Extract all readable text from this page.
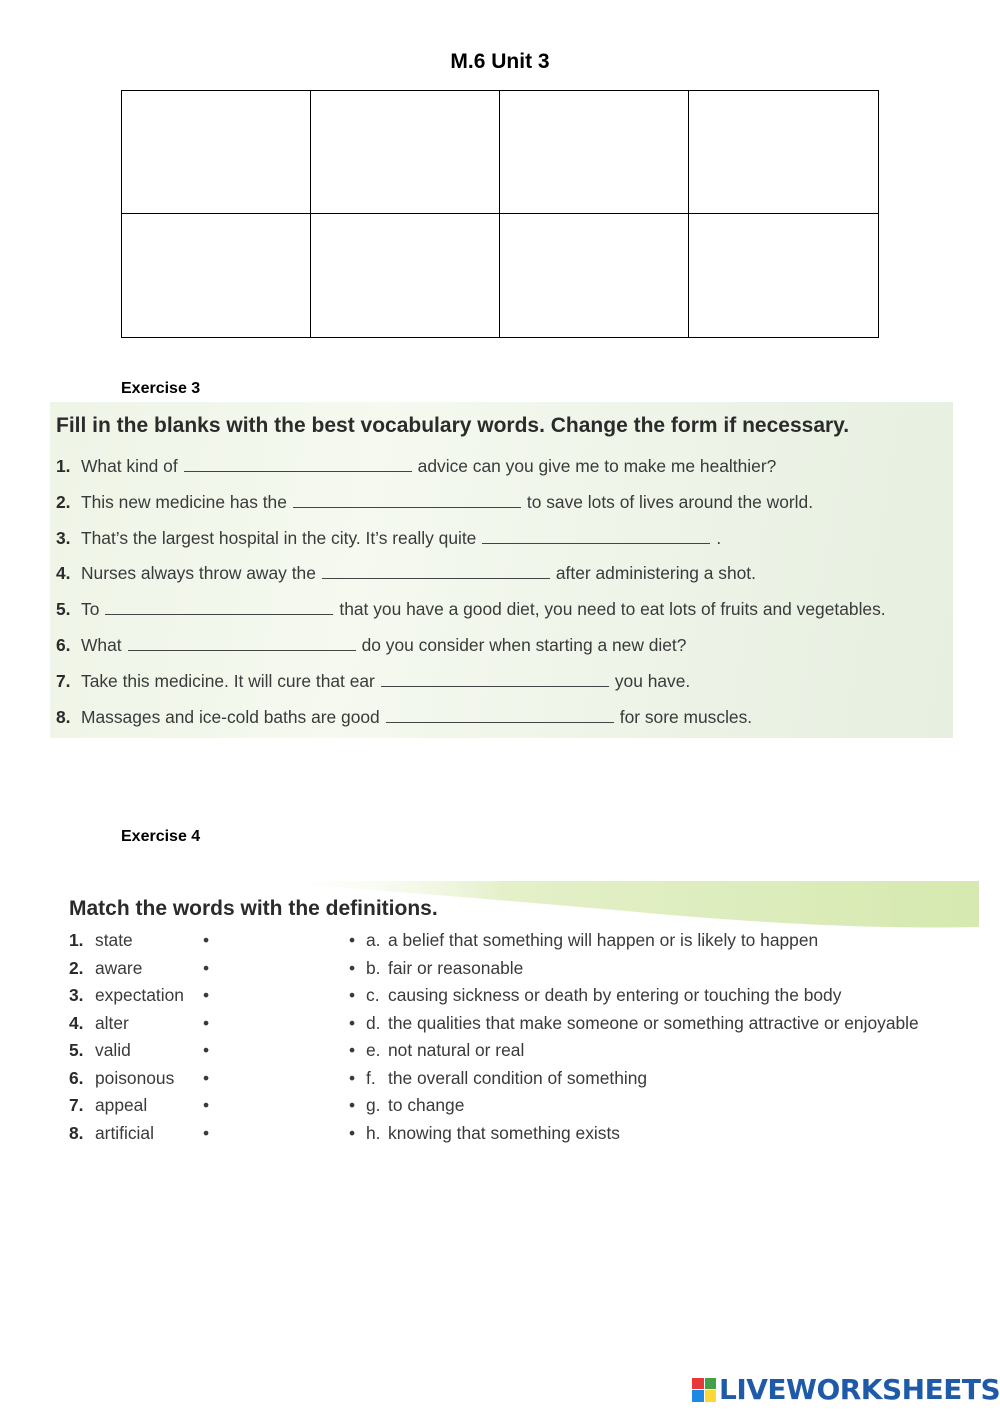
M.6 Unit 3
Exercise 3
Fill in the blanks with the best vocabulary words. Change the form if necessary.
1. What kind of	advice can you give me to make me healthier?
2. This new medicine has the	to save lots of lives around the world.
3. That’s the largest hospital in the city. It’s really quite	.
4. Nurses always throw away the	after administering a shot.
5. To	that you have a good diet, you need to eat lots of fruits and vegetables.
6. What	do you consider when starting a new diet?
7. Take this medicine. It will cure that ear	you have.
8. Massages and ice-cold baths are good	for sore muscles.
Exercise 4
Match the words with the definitions.
1. state	•	• a. a belief that something will happen or is likely to happen
2. aware	•	• b. fair or reasonable
3. expectation •	• c. causing sickness or death by entering or touching the body
4. alter	•	• d. the qualities that make someone or something attractive or enjoyable
5. valid	•	• e. not natural or real
6. poisonous •	• f. the overall condition of something
7. appeal	•	• g. to change
8. artificial	•	• h. knowing that something exists
LIVEWORKSHEETS
